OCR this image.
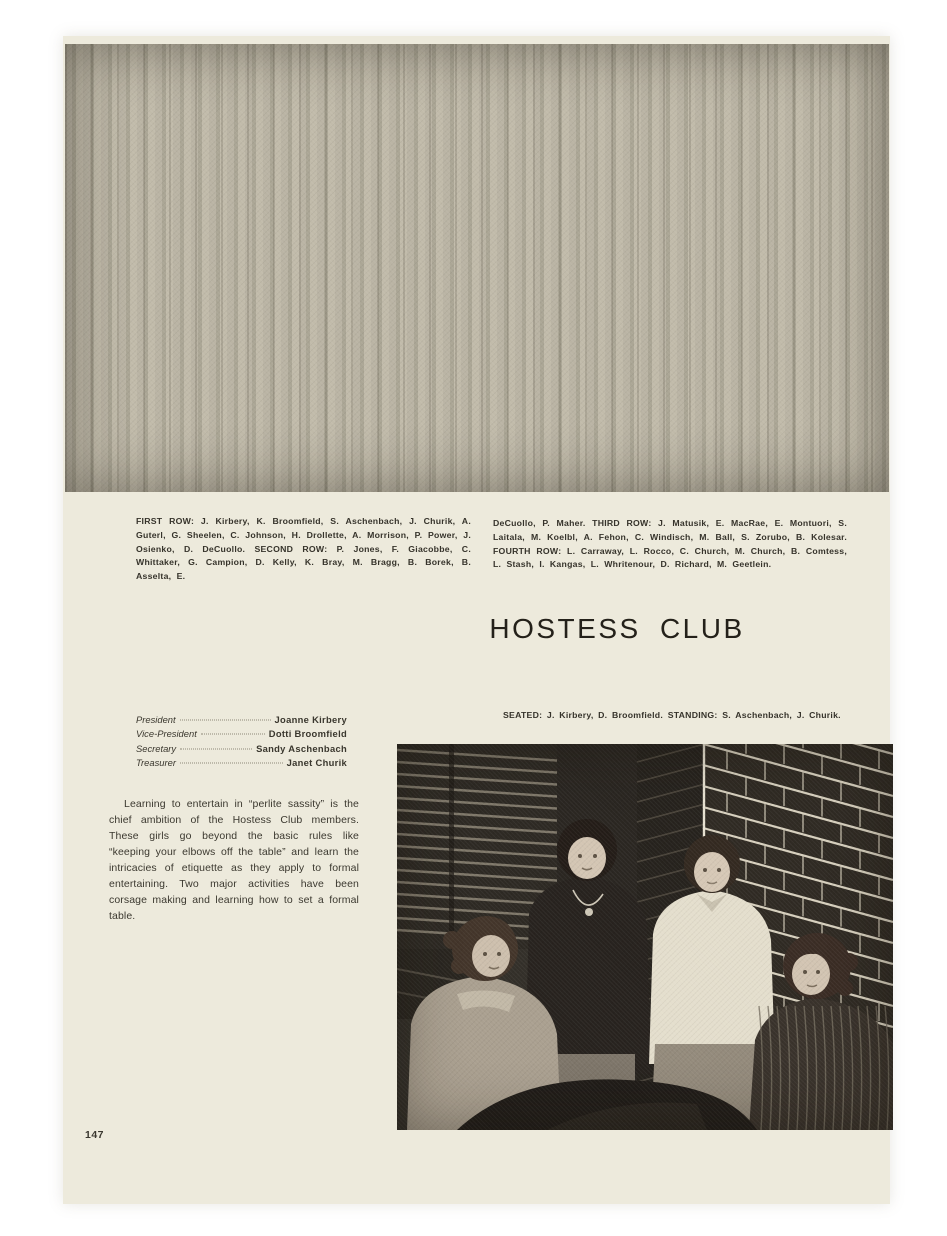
FIRST ROW: J. Kirbery, K. Broomfield, S. Aschenbach, J. Churik, A. Guterl, G. Sheelen, C. Johnson, H. Drollette, A. Morrison, P. Power, J. Osienko, D. DeCuollo. SECOND ROW: P. Jones, F. Giacobbe, C. Whittaker, G. Campion, D. Kelly, K. Bray, M. Bragg, B. Borek, B. Asselta, E.
DeCuollo, P. Maher. THIRD ROW: J. Matusik, E. MacRae, E. Montuori, S. Laitala, M. Koelbl, A. Fehon, C. Windisch, M. Ball, S. Zorubo, B. Kolesar. FOURTH ROW: L. Carraway, L. Rocco, C. Church, M. Church, B. Comtess, L. Stash, I. Kangas, L. Whritenour, D. Richard, M. Geetlein.
HOSTESS CLUB
SEATED: J. Kirbery, D. Broomfield. STANDING: S. Aschenbach, J. Churik.
President	Joanne Kirbery
Vice-President	Dotti Broomfield
Secretary	Sandy Aschenbach
Treasurer	Janet Churik
Learning to entertain in “perlite sassity” is the chief ambition of the Hostess Club members. These girls go beyond the basic rules like “keeping your elbows off the table” and learn the intricacies of etiquette as they apply to formal entertaining. Two major activities have been corsage making and learning how to set a formal table.
147
